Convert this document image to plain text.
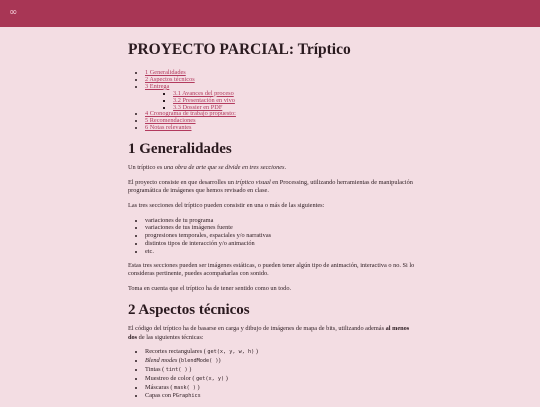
∞
PROYECTO PARCIAL: Tríptico
• 1 Generalidades
• 2 Aspectos técnicos
• 3 Entrega
▪ 3.1 Avances del proceso
▪ 3.2 Presentación en vivo
▪ 3.3 Dossier en PDF
• 4 Cronograma de trabajo propuesto:
• 5 Recomendaciones
• 6 Notas relevantes
1 Generalidades

Un tríptico es una obra de arte que se divide en tres secciones.

El proyecto consiste en que desarrolles un tríptico visual en Processing, utilizando herramientas de manipulación programática de imágenes que hemos revisado en clase.

Las tres secciones del tríptico pueden consistir en una o más de las siguientes:

• variaciones de tu programa
• variaciones de tus imágenes fuente
• progresiones temporales, espaciales y/o narrativas
• distintos tipos de interacción y/o animación
• etc.

Estas tres secciones pueden ser imágenes estáticas, o pueden tener algún tipo de animación, interactiva o no. Si lo consideras pertinente, puedes acompañarlas con sonido.

Toma en cuenta que el tríptico ha de tener sentido como un todo.

2 Aspectos técnicos

El código del tríptico ha de basarse en carga y dibujo de imágenes de mapa de bits, utilizando además al menos dos de las siguientes técnicas:

• Recortes rectangulares ( get(x, y, w, h) )
• Blend modes (blendMode( ))
• Tintas ( tint( ) )
• Muestreo de color ( get(x, y) )
• Máscaras ( mask( ) )
• Capas con PGraphics
